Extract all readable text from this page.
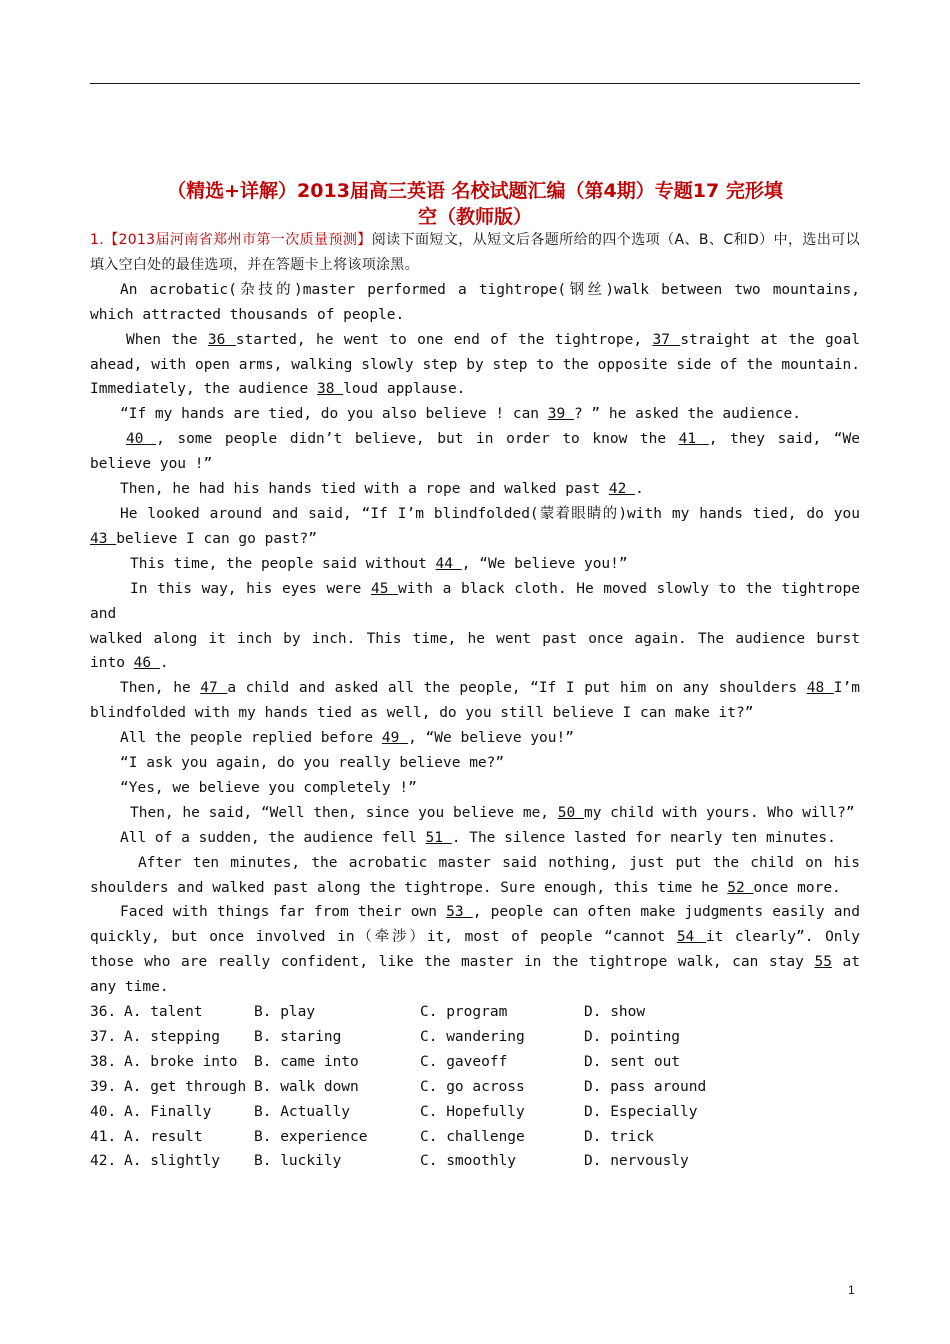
（精选+详解）2013届高三英语 名校试题汇编（第4期）专题17 完形填
空（教师版）

1.【2013届河南省郑州市第一次质量预测】阅读下面短文，从短文后各题所给的四个选项（A、B、C和D）中，选出可以填入空白处的最佳选项，并在答题卡上将该项涂黑。

An acrobatic(杂技的)master performed a tightrope(钢丝)walk between two mountains, which attracted thousands of people.

When the 36 started, he went to one end of the tightrope, 37 straight at the goal ahead, with open arms, walking slowly step by step to the opposite side of the mountain. Immediately, the audience 38 loud applause.

“If my hands are tied, do you also believe ! can 39 ? ” he asked the audience.

40 , some people didn’t believe, but in order to know the 41 , they said, “We believe you !”

Then, he had his hands tied with a rope and walked past 42 .

He looked around and said, “If I’m blindfolded(蒙着眼睛的)with my hands tied, do you 43 believe I can go past?”

This time, the people said without 44 , “We believe you!”

In this way, his eyes were 45 with a black cloth. He moved slowly to the tightrope and

walked along it inch by inch. This time, he went past once again. The audience burst into 46 .

Then, he 47 a child and asked all the people, “If I put him on any shoulders 48 I’m blindfolded with my hands tied as well, do you still believe I can make it?”

All the people replied before 49 , “We believe you!”

“I ask you again, do you really believe me?”

“Yes, we believe you completely !”

Then, he said, “Well then, since you believe me, 50 my child with yours. Who will?”

All of a sudden, the audience fell 51 . The silence lasted for nearly ten minutes.

After ten minutes, the acrobatic master said nothing, just put the child on his shoulders and walked past along the tightrope. Sure enough, this time he 52 once more.

Faced with things far from their own 53 , people can often make judgments easily and quickly, but once involved in（牵涉）it, most of people “cannot 54 it clearly”. Only those who are really confident, like the master in the tightrope walk, can stay 55 at any time.

36. A. talent	B. play	C. program	D. show
37. A. stepping	B. staring	C. wandering	D. pointing
38. A. broke into	B. came into	C. gaveoff	D. sent out
39. A. get through B. walk down	C. go across	D. pass around
40. A. Finally	B. Actually	C. Hopefully	D. Especially
41. A. result	B. experience	C. challenge	D. trick
42. A. slightly	B. luckily	C. smoothly	D. nervously
1
